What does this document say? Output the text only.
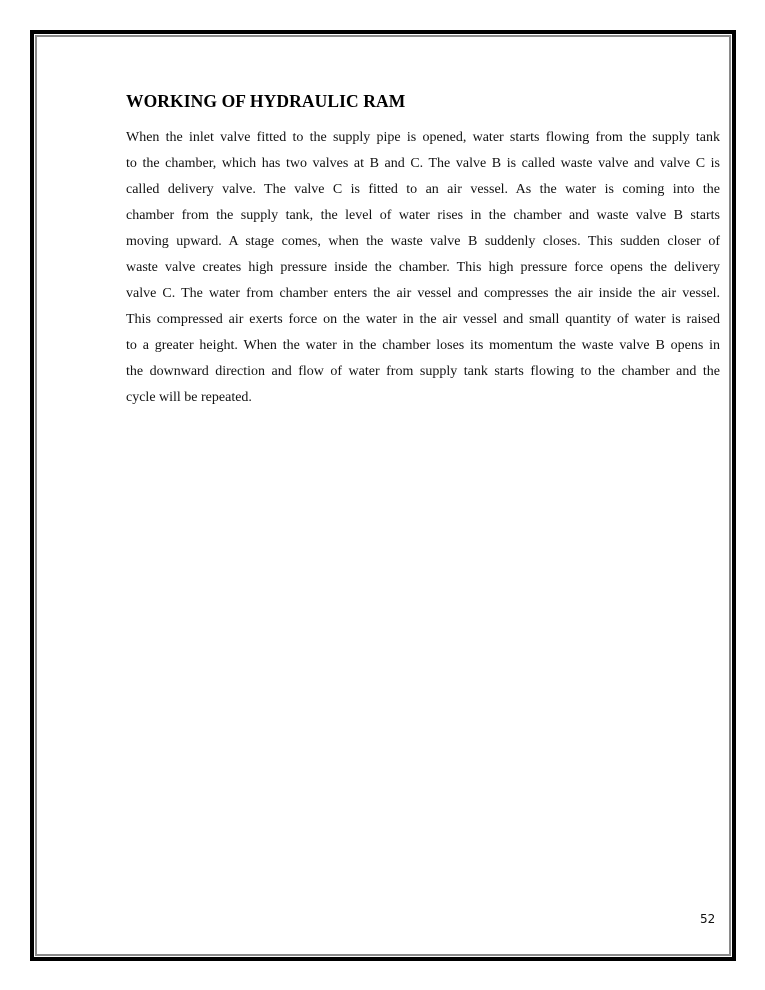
WORKING OF HYDRAULIC RAM
When the inlet valve fitted to the supply pipe is opened, water starts flowing from the supply tank
to the chamber, which has two valves at B and C. The valve B is called waste valve and valve C is
called delivery valve. The valve C is fitted to an air vessel. As the water is coming into the
chamber from the supply tank, the level of water rises in the chamber and waste valve B starts
moving upward. A stage comes, when the waste valve B suddenly closes. This sudden closer of
waste valve creates high pressure inside the chamber. This high pressure force opens the delivery
valve C. The water from chamber enters the air vessel and compresses the air inside the air vessel.
This compressed air exerts force on the water in the air vessel and small quantity of water is raised
to a greater height. When the water in the chamber loses its momentum the waste valve B opens in
the downward direction and flow of water from supply tank starts flowing to the chamber and the
cycle will be repeated.
52
